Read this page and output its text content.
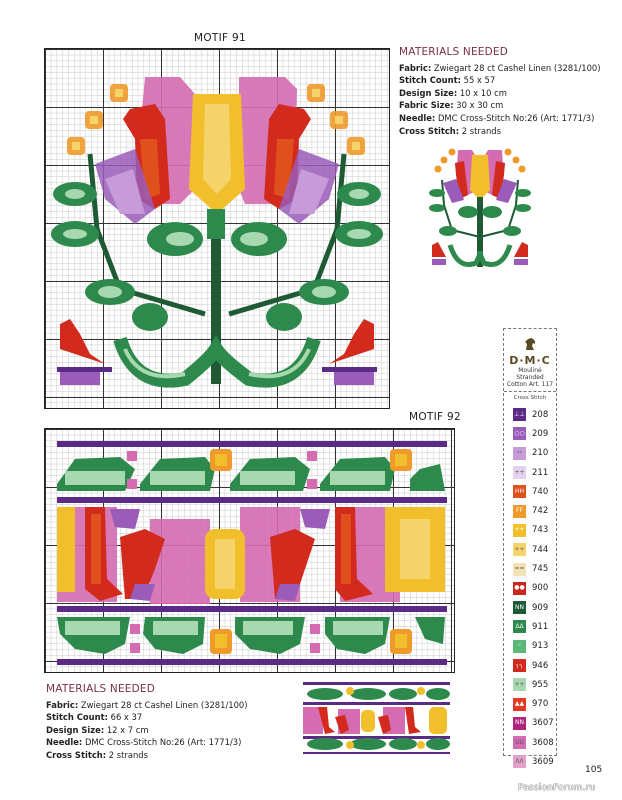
MOTIF 91
MATERIALS NEEDED
Fabric: Zwiegart 28 ct Cashel Linen (3281/100)
Stitch Count: 55 x 57
Design Size: 10 x 10 cm
Fabric Size: 30 x 30 cm
Needle: DMC Cross-Stitch No:26 (Art: 1771/3)
Cross Stitch: 2 strands
MOTIF 92
MATERIALS NEEDED
Fabric: Zwiegart 28 ct Cashel Linen (3281/100)
Stitch Count: 66 x 37
Design Size: 12 x 7 cm
Needle: DMC Cross-Stitch No:26 (Art: 1771/3)
Cross Stitch: 2 strands
D·M·C
Mouliné Stranded
Cotton Art. 117
Cross Stitch
⊥⊥ 208
○○ 209
››	210
++ 211
HH 740
FF	742
++ 743
++ 744
== 745
●● 900
NN 909
ΔΔ 911
⁘	913
┐┐	946
++ 955
▲▲ 970
NN 3607
UU 3608
ΛΛ 3609
105
PassionForum.ru
